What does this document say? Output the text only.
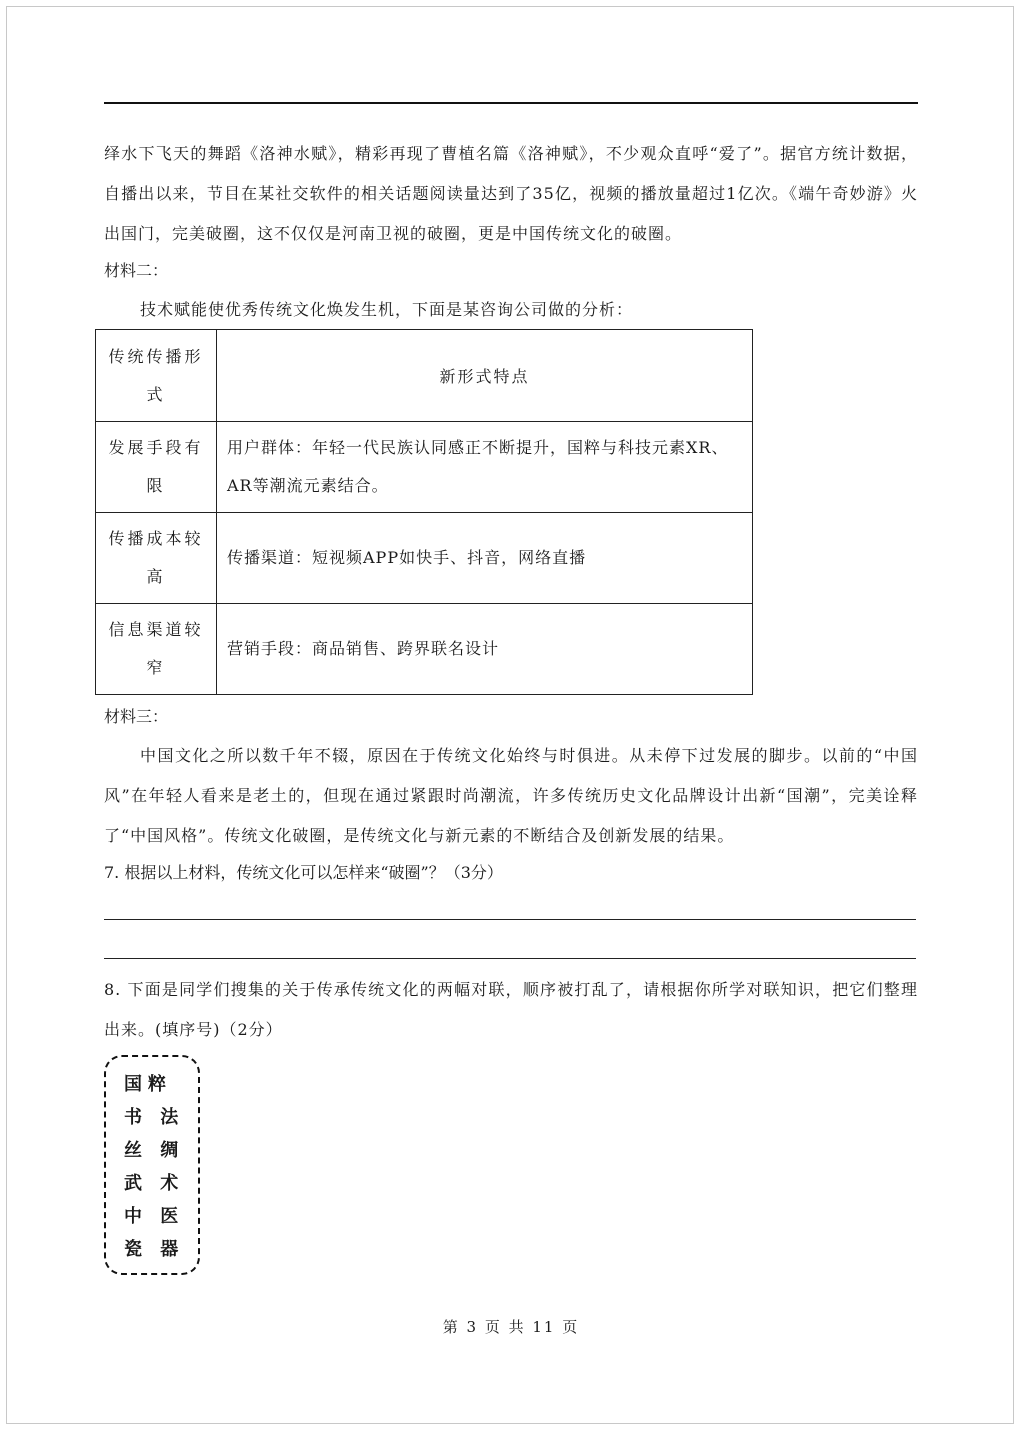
绎水下飞天的舞蹈《洛神水赋》，精彩再现了曹植名篇《洛神赋》，不少观众直呼“爱了”。据官方统计数据，自播出以来，节目在某社交软件的相关话题阅读量达到了35亿，视频的播放量超过1亿次。《端午奇妙游》火出国门，完美破圈，这不仅仅是河南卫视的破圈，更是中国传统文化的破圈。

材料二：

技术赋能使优秀传统文化焕发生机，下面是某咨询公司做的分析：

传统传播形式	新形式特点
发展手段有限	用户群体：年轻一代民族认同感正不断提升，国粹与科技元素XR、AR等潮流元素结合。
传播成本较高	传播渠道：短视频APP如快手、抖音，网络直播
信息渠道较窄	营销手段：商品销售、跨界联名设计

材料三：

中国文化之所以数千年不辍，原因在于传统文化始终与时俱进。从未停下过发展的脚步。以前的“中国风”在年轻人看来是老土的，但现在通过紧跟时尚潮流，许多传统历史文化品牌设计出新“国潮”，完美诠释了“中国风格”。传统文化破圈，是传统文化与新元素的不断结合及创新发展的结果。

7. 根据以上材料，传统文化可以怎样来“破圈”？（3分）

8. 下面是同学们搜集的关于传承传统文化的两幅对联，顺序被打乱了，请根据你所学对联知识，把它们整理出来。(填序号)（2分）

国粹
书 法
丝 绸
武 术
中 医
瓷 器
第 3 页 共 11 页
